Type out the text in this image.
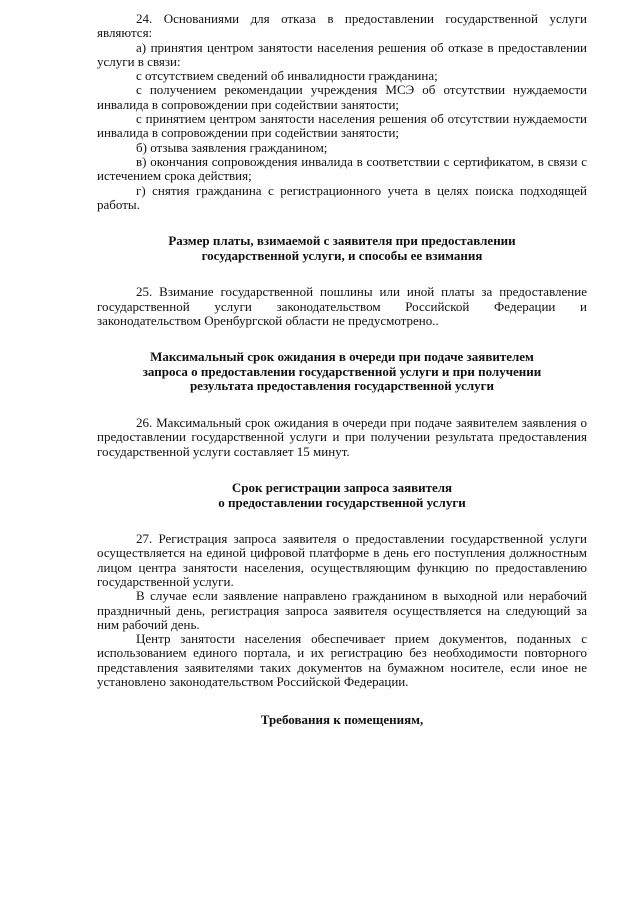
24. Основаниями для отказа в предоставлении государственной услуги являются:

а) принятия центром занятости населения решения об отказе в предоставлении услуги в связи:

с отсутствием сведений об инвалидности гражданина;

с получением рекомендации учреждения МСЭ об отсутствии нуждаемости инвалида в сопровождении при содействии занятости;

с принятием центром занятости населения решения об отсутствии нуждаемости инвалида в сопровождении при содействии занятости;

б) отзыва заявления гражданином;

в) окончания сопровождения инвалида в соответствии с сертификатом, в связи с истечением срока действия;

г) снятия гражданина с регистрационного учета в целях поиска подходящей работы.

Размер платы, взимаемой с заявителя при предоставлении

государственной услуги, и способы ее взимания

25. Взимание государственной пошлины или иной платы за предоставление государственной услуги законодательством Российской Федерации и законодательством Оренбургской области не предусмотрено..

Максимальный срок ожидания в очереди при подаче заявителем

запроса о предоставлении государственной услуги и при получении

результата предоставления государственной услуги

26. Максимальный срок ожидания в очереди при подаче заявителем заявления о предоставлении государственной услуги и при получении результата предоставления государственной услуги составляет 15 минут.

Срок регистрации запроса заявителя

о предоставлении государственной услуги

27. Регистрация запроса заявителя о предоставлении государственной услуги осуществляется на единой цифровой платформе в день его поступления должностным лицом центра занятости населения, осуществляющим функцию по предоставлению государственной услуги.

В случае если заявление направлено гражданином в выходной или нерабочий праздничный день, регистрация запроса заявителя осуществляется на следующий за ним рабочий день.

Центр занятости населения обеспечивает прием документов, поданных с использованием единого портала, и их регистрацию без необходимости повторного представления заявителями таких документов на бумажном носителе, если иное не установлено законодательством Российской Федерации.

Требования к помещениям,
